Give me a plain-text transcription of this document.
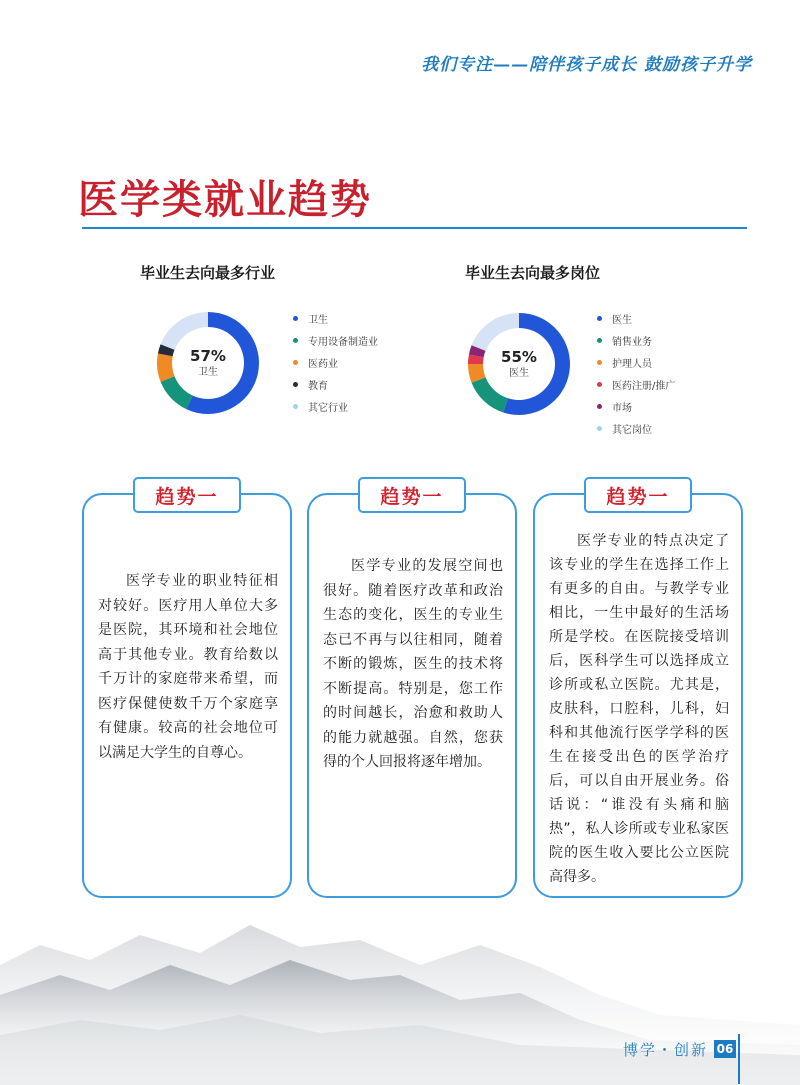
我们专注——陪伴孩子成长 鼓励孩子升学
医学类就业趋势
毕业生去向最多行业
57%
卫生
卫生
专用设备制造业
医药业
教育
其它行业
毕业生去向最多岗位
55%
医生
医生
销售业务
护理人员
医药注册/推广
市场
其它岗位
趋势一
医学专业的职业特征相对较好。医疗用人单位大多是医院，其环境和社会地位高于其他专业。教育给数以千万计的家庭带来希望，而医疗保健使数千万个家庭享有健康。较高的社会地位可以满足大学生的自尊心。
趋势一
医学专业的发展空间也很好。随着医疗改革和政治生态的变化，医生的专业生态已不再与以往相同，随着不断的锻炼，医生的技术将不断提高。特别是，您工作的时间越长，治愈和救助人的能力就越强。自然，您获得的个人回报将逐年增加。
趋势一
医学专业的特点决定了该专业的学生在选择工作上有更多的自由。与教学专业相比，一生中最好的生活场所是学校。在医院接受培训后，医科学生可以选择成立诊所或私立医院。尤其是，皮肤科，口腔科，儿科，妇科和其他流行医学学科的医生在接受出色的医学治疗后，可以自由开展业务。俗话说：“谁没有头痛和脑热”，私人诊所或专业私家医院的医生收入要比公立医院高得多。
博学・创新 06
